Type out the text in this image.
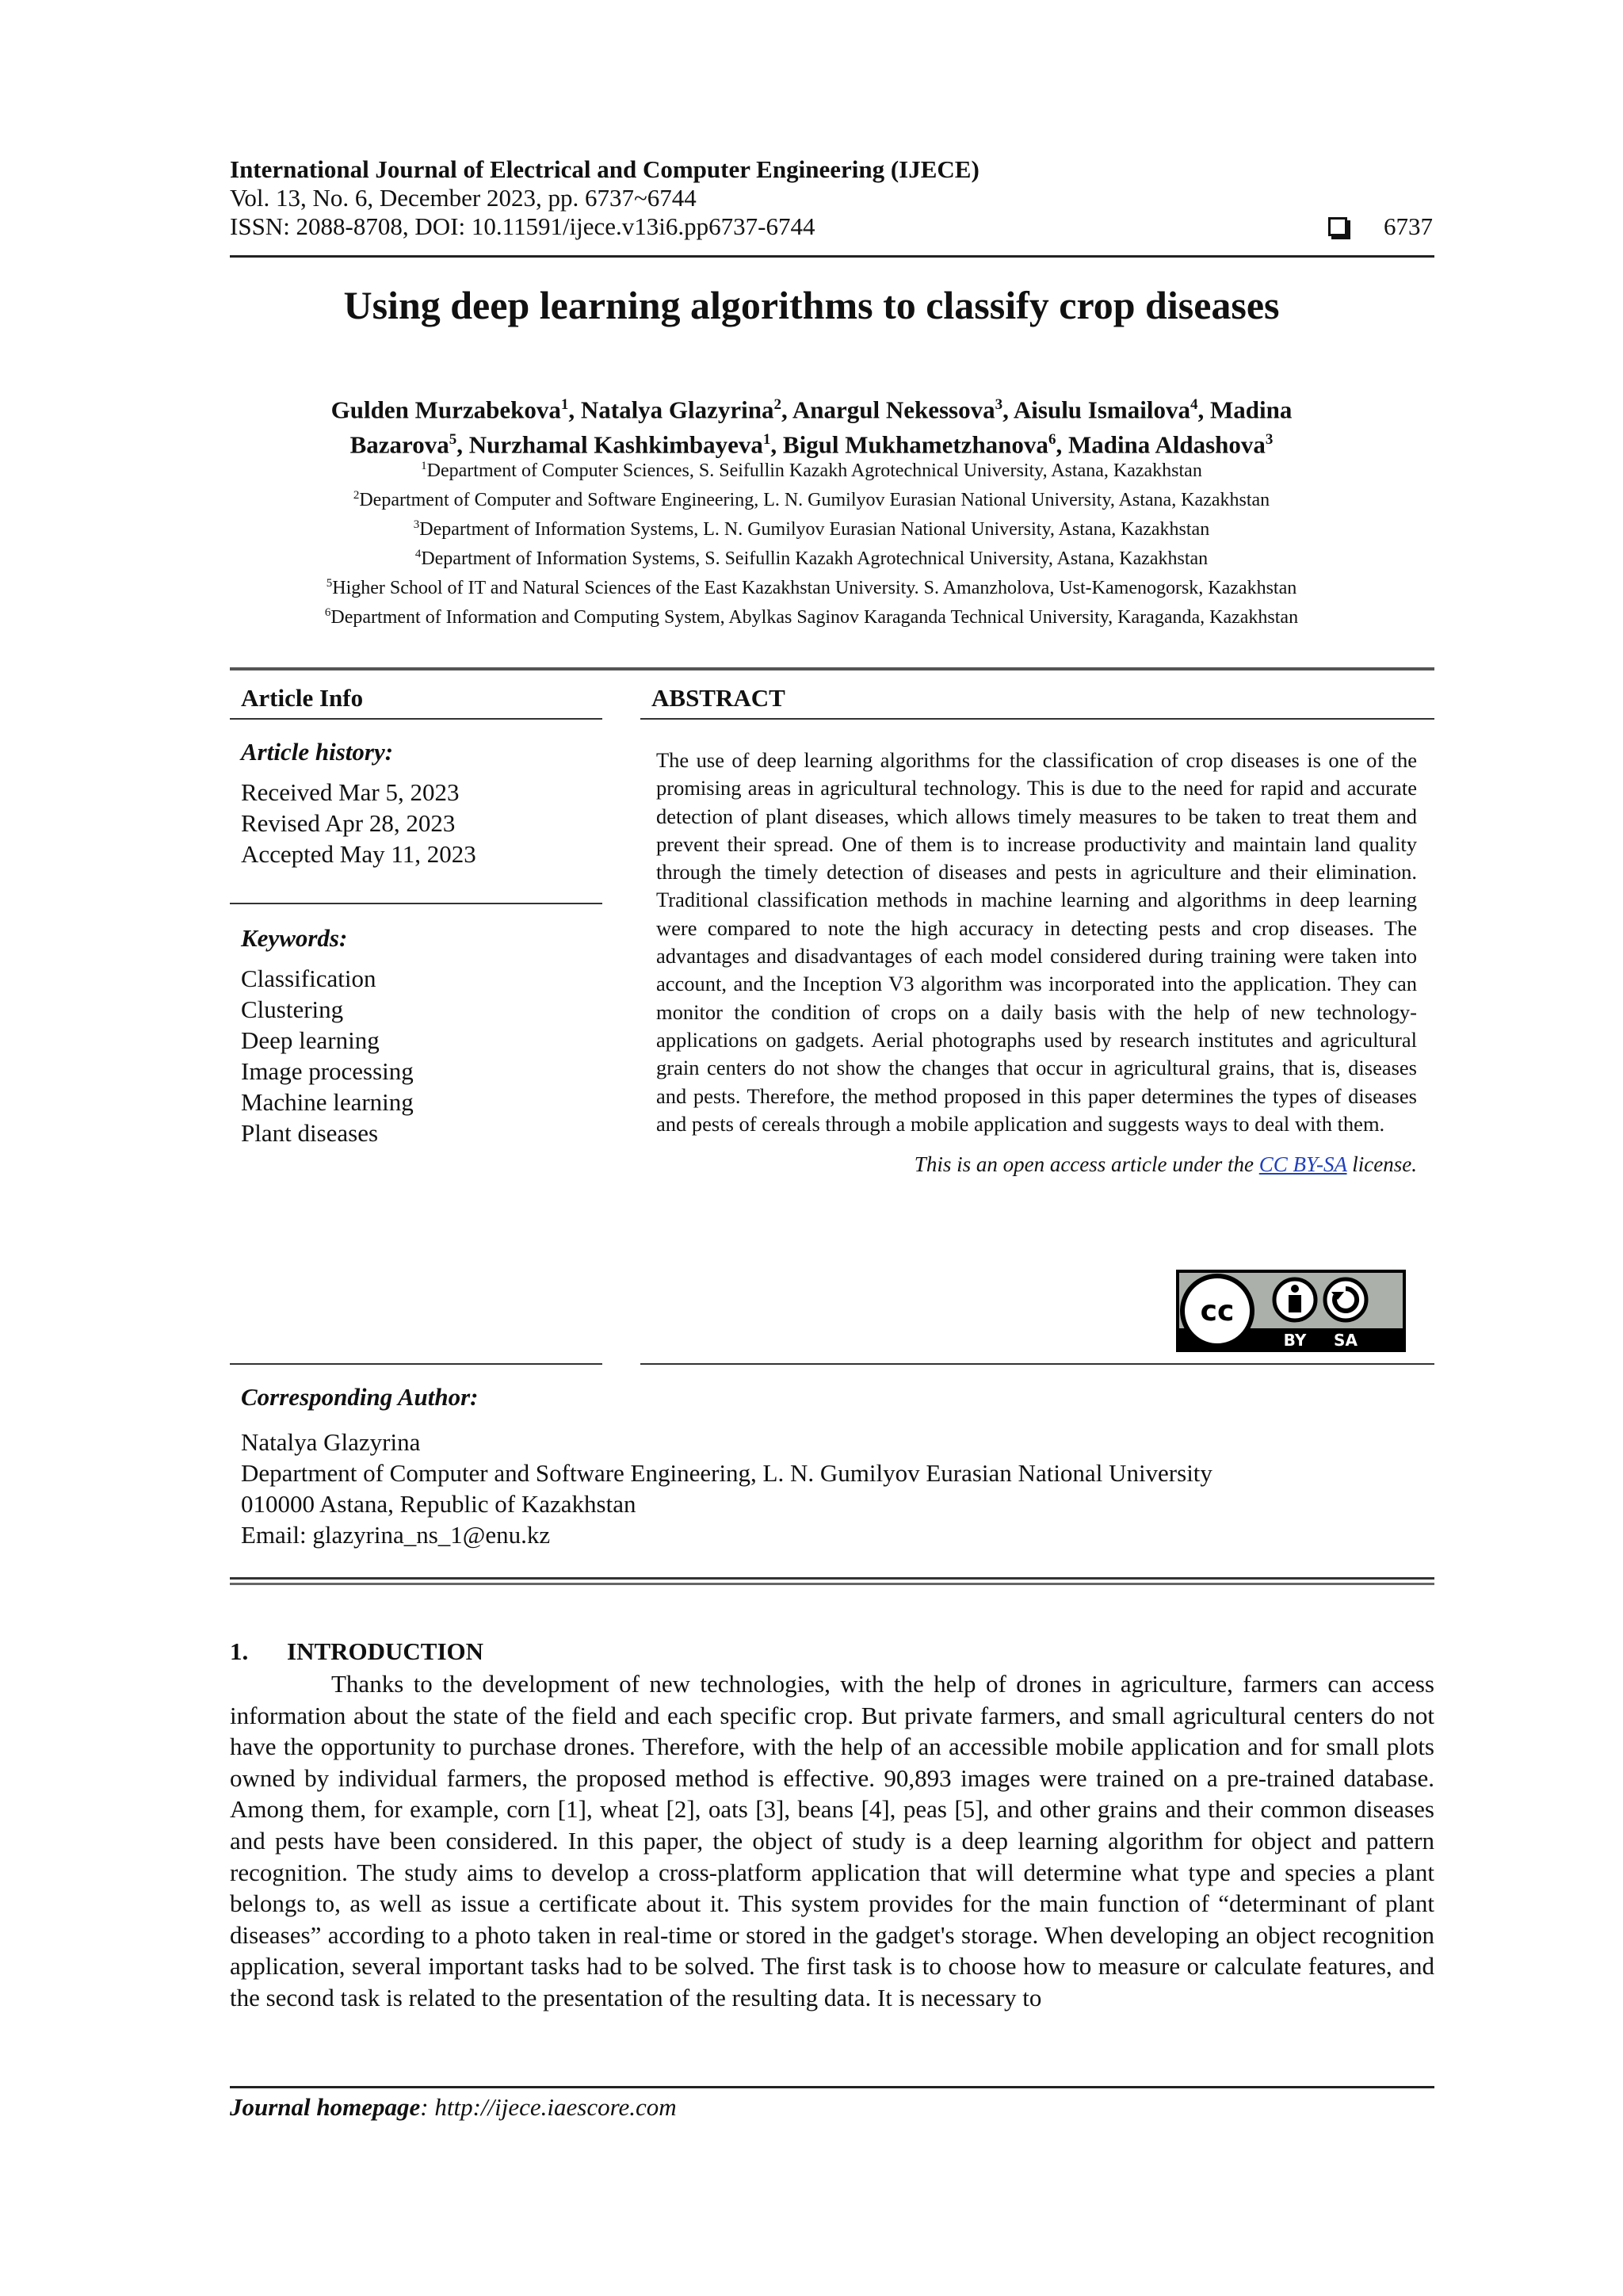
International Journal of Electrical and Computer Engineering (IJECE)
Vol. 13, No. 6, December 2023, pp. 6737~6744
ISSN: 2088-8708, DOI: 10.11591/ijece.v13i6.pp6737-6744	6737
Using deep learning algorithms to classify crop diseases
Gulden Murzabekova$^1$, Natalya Glazyrina$^2$, Anargul Nekessova$^3$, Aisulu Ismailova$^4$, Madina
Bazarova$^5$, Nurzhamal Kashkimbayeva$^1$, Bigul Mukhametzhanova$^6$, Madina Aldashova$^3$
$^1$Department of Computer Sciences, S. Seifullin Kazakh Agrotechnical University, Astana, Kazakhstan
$^2$Department of Computer and Software Engineering, L. N. Gumilyov Eurasian National University, Astana, Kazakhstan
$^3$Department of Information Systems, L. N. Gumilyov Eurasian National University, Astana, Kazakhstan
$^4$Department of Information Systems, S. Seifullin Kazakh Agrotechnical University, Astana, Kazakhstan
$^5$Higher School of IT and Natural Sciences of the East Kazakhstan University. S. Amanzholova, Ust-Kamenogorsk, Kazakhstan
$^6$Department of Information and Computing System, Abylkas Saginov Karaganda Technical University, Karaganda, Kazakhstan
Article Info
Article history:
Received Mar 5, 2023
Revised Apr 28, 2023
Accepted May 11, 2023
Keywords:
Classification
Clustering
Deep learning
Image processing
Machine learning
Plant diseases
ABSTRACT

The use of deep learning algorithms for the classification of crop diseases is one of the promising areas in agricultural technology. This is due to the need for rapid and accurate detection of plant diseases, which allows timely measures to be taken to treat them and prevent their spread. One of them is to increase productivity and maintain land quality through the timely detection of diseases and pests in agriculture and their elimination. Traditional classification methods in machine learning and algorithms in deep learning were compared to note the high accuracy in detecting pests and crop diseases. The advantages and disadvantages of each model considered during training were taken into account, and the Inception V3 algorithm was incorporated into the application. They can monitor the condition of crops on a daily basis with the help of new technology-applications on gadgets. Aerial photographs used by research institutes and agricultural grain centers do not show the changes that occur in agricultural grains, that is, diseases and pests. Therefore, the method proposed in this paper determines the types of diseases and pests of cereals through a mobile application and suggests ways to deal with them.

This is an open access article under the CC BY-SA license.
cc
BY SA
Corresponding Author:
Natalya Glazyrina
Department of Computer and Software Engineering, L. N. Gumilyov Eurasian National University
010000 Astana, Republic of Kazakhstan
Email: glazyrina_ns_1@enu.kz
1. INTRODUCTION

Thanks to the development of new technologies, with the help of drones in agriculture, farmers can access information about the state of the field and each specific crop. But private farmers, and small agricultural centers do not have the opportunity to purchase drones. Therefore, with the help of an accessible mobile application and for small plots owned by individual farmers, the proposed method is effective. 90,893 images were trained on a pre-trained database. Among them, for example, corn [1], wheat [2], oats [3], beans [4], peas [5], and other grains and their common diseases and pests have been considered. In this paper, the object of study is a deep learning algorithm for object and pattern recognition. The study aims to develop a cross-platform application that will determine what type and species a plant belongs to, as well as issue a certificate about it. This system provides for the main function of “determinant of plant diseases” according to a photo taken in real-time or stored in the gadget's storage. When developing an object recognition application, several important tasks had to be solved. The first task is to choose how to measure or calculate features, and the second task is related to the presentation of the resulting data. It is necessary to

Journal homepage: http://ijece.iaescore.com
